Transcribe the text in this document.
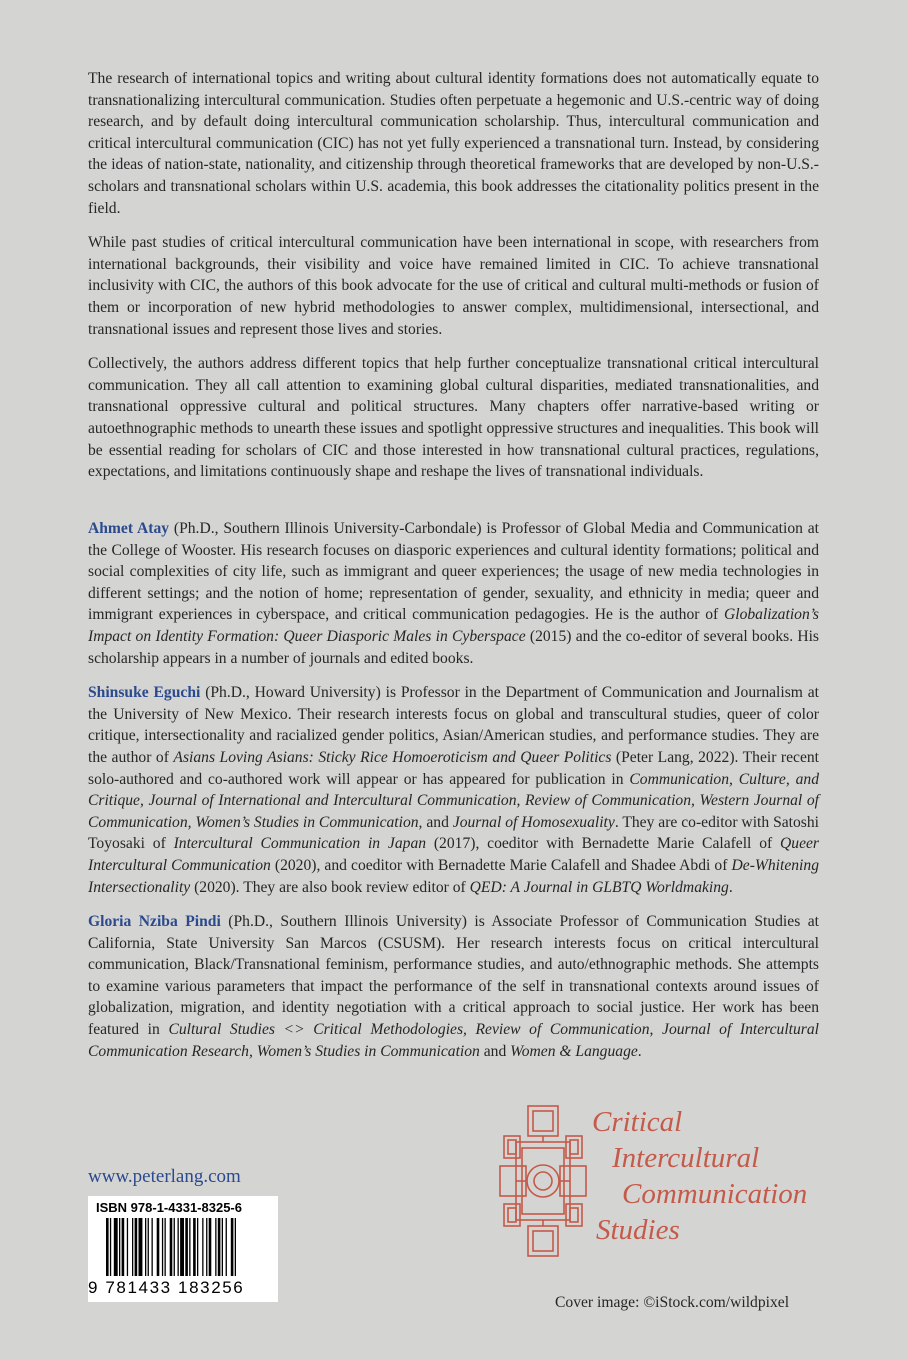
The research of international topics and writing about cultural identity formations does not automatically equate to transnationalizing intercultural communication. Studies often perpetuate a hegemonic and U.S.-centric way of doing research, and by default doing intercultural communication scholarship. Thus, intercultural communication and critical intercultural communication (CIC) has not yet fully experienced a transnational turn. Instead, by considering the ideas of nation-state, nationality, and citizenship through theoretical frameworks that are developed by non-U.S.-scholars and transnational scholars within U.S. academia, this book addresses the citationality politics present in the field.

While past studies of critical intercultural communication have been international in scope, with researchers from international backgrounds, their visibility and voice have remained limited in CIC. To achieve transnational inclusivity with CIC, the authors of this book advocate for the use of critical and cultural multi-methods or fusion of them or incorporation of new hybrid methodologies to answer complex, multidimensional, intersectional, and transnational issues and represent those lives and stories.

Collectively, the authors address different topics that help further conceptualize transnational critical intercultural communication. They all call attention to examining global cultural disparities, mediated transnationalities, and transnational oppressive cultural and political structures. Many chapters offer narrative-based writing or autoethnographic methods to unearth these issues and spotlight oppressive structures and inequalities. This book will be essential reading for scholars of CIC and those interested in how transnational cultural practices, regulations, expectations, and limitations continuously shape and reshape the lives of transnational individuals.

Ahmet Atay (Ph.D., Southern Illinois University-Carbondale) is Professor of Global Media and Communication at the College of Wooster. His research focuses on diasporic experiences and cultural identity formations; political and social complexities of city life, such as immigrant and queer experiences; the usage of new media technologies in different settings; and the notion of home; representation of gender, sexuality, and ethnicity in media; queer and immigrant experiences in cyberspace, and critical communication pedagogies. He is the author of Globalization’s Impact on Identity Formation: Queer Diasporic Males in Cyberspace (2015) and the co-editor of several books. His scholarship appears in a number of journals and edited books.

Shinsuke Eguchi (Ph.D., Howard University) is Professor in the Department of Communication and Journalism at the University of New Mexico. Their research interests focus on global and transcultural studies, queer of color critique, intersectionality and racialized gender politics, Asian/American studies, and performance studies. They are the author of Asians Loving Asians: Sticky Rice Homoeroticism and Queer Politics (Peter Lang, 2022). Their recent solo-authored and co-authored work will appear or has appeared for publication in Communication, Culture, and Critique, Journal of International and Intercultural Communication, Review of Communication, Western Journal of Communication, Women’s Studies in Communication, and Journal of Homosexuality. They are co-editor with Satoshi Toyosaki of Intercultural Communication in Japan (2017), coeditor with Bernadette Marie Calafell of Queer Intercultural Communication (2020), and coeditor with Bernadette Marie Calafell and Shadee Abdi of De-Whitening Intersectionality (2020). They are also book review editor of QED: A Journal in GLBTQ Worldmaking.

Gloria Nziba Pindi (Ph.D., Southern Illinois University) is Associate Professor of Communication Studies at California, State University San Marcos (CSUSM). Her research interests focus on critical intercultural communication, Black/Transnational feminism, performance studies, and auto/ethnographic methods. She attempts to examine various parameters that impact the performance of the self in transnational contexts around issues of globalization, migration, and identity negotiation with a critical approach to social justice. Her work has been featured in Cultural Studies <> Critical Methodologies, Review of Communication, Journal of Intercultural Communication Research, Women’s Studies in Communication and Women & Language.

www.peterlang.com
ISBN 978-1-4331-8325-6
9 781433 183256
Critical
Intercultural
Communication
Studies
Cover image: ©iStock.com/wildpixel
